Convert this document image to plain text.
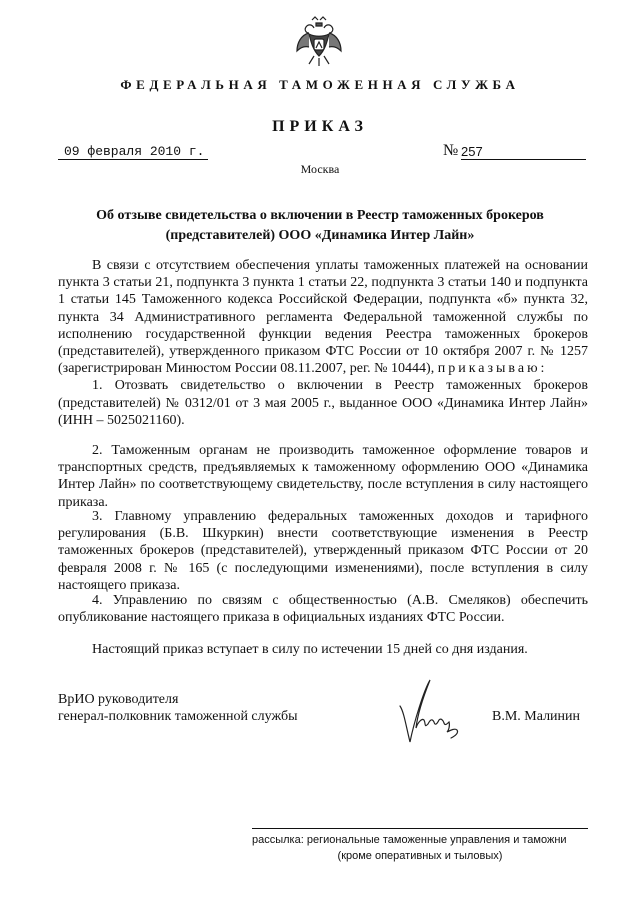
ФЕДЕРАЛЬНАЯ ТАМОЖЕННАЯ СЛУЖБА
ПРИКАЗ
09 февраля 2010 г.	№ 257
Москва
Об отзыве свидетельства о включении в Реестр таможенных брокеров
(представителей) ООО «Динамика Интер Лайн»

В связи с отсутствием обеспечения уплаты таможенных платежей на основании пункта 3 статьи 21, подпункта 3 пункта 1 статьи 22, подпункта 3 статьи 140 и подпункта 1 статьи 145 Таможенного кодекса Российской Федерации, подпункта «б» пункта 32, пункта 34 Административного регламента Федеральной таможенной службы по исполнению государственной функции ведения Реестра таможенных брокеров (представителей), утвержденного приказом ФТС России от 10 октября 2007 г. № 1257 (зарегистрирован Минюстом России 08.11.2007, рег. № 10444), приказываю:
1. Отозвать свидетельство о включении в Реестр таможенных брокеров (представителей) № 0312/01 от 3 мая 2005 г., выданное ООО «Динамика Интер Лайн» (ИНН – 5025021160).

2. Таможенным органам не производить таможенное оформление товаров и транспортных средств, предъявляемых к таможенному оформлению ООО «Динамика Интер Лайн» по соответствующему свидетельству, после вступления в силу настоящего приказа.

3. Главному управлению федеральных таможенных доходов и тарифного регулирования (Б.В. Шкуркин) внести соответствующие изменения в Реестр таможенных брокеров (представителей), утвержденный приказом ФТС России от 20 февраля 2008 г. № 165 (с последующими изменениями), после вступления в силу настоящего приказа.

4. Управлению по связям с общественностью (А.В. Смеляков) обеспечить опубликование настоящего приказа в официальных изданиях ФТС России.

Настоящий приказ вступает в силу по истечении 15 дней со дня издания.

ВрИО руководителя
генерал-полковник таможенной службы	В.М. Малинин
рассылка: региональные таможенные управления и таможни
(кроме оперативных и тыловых)
